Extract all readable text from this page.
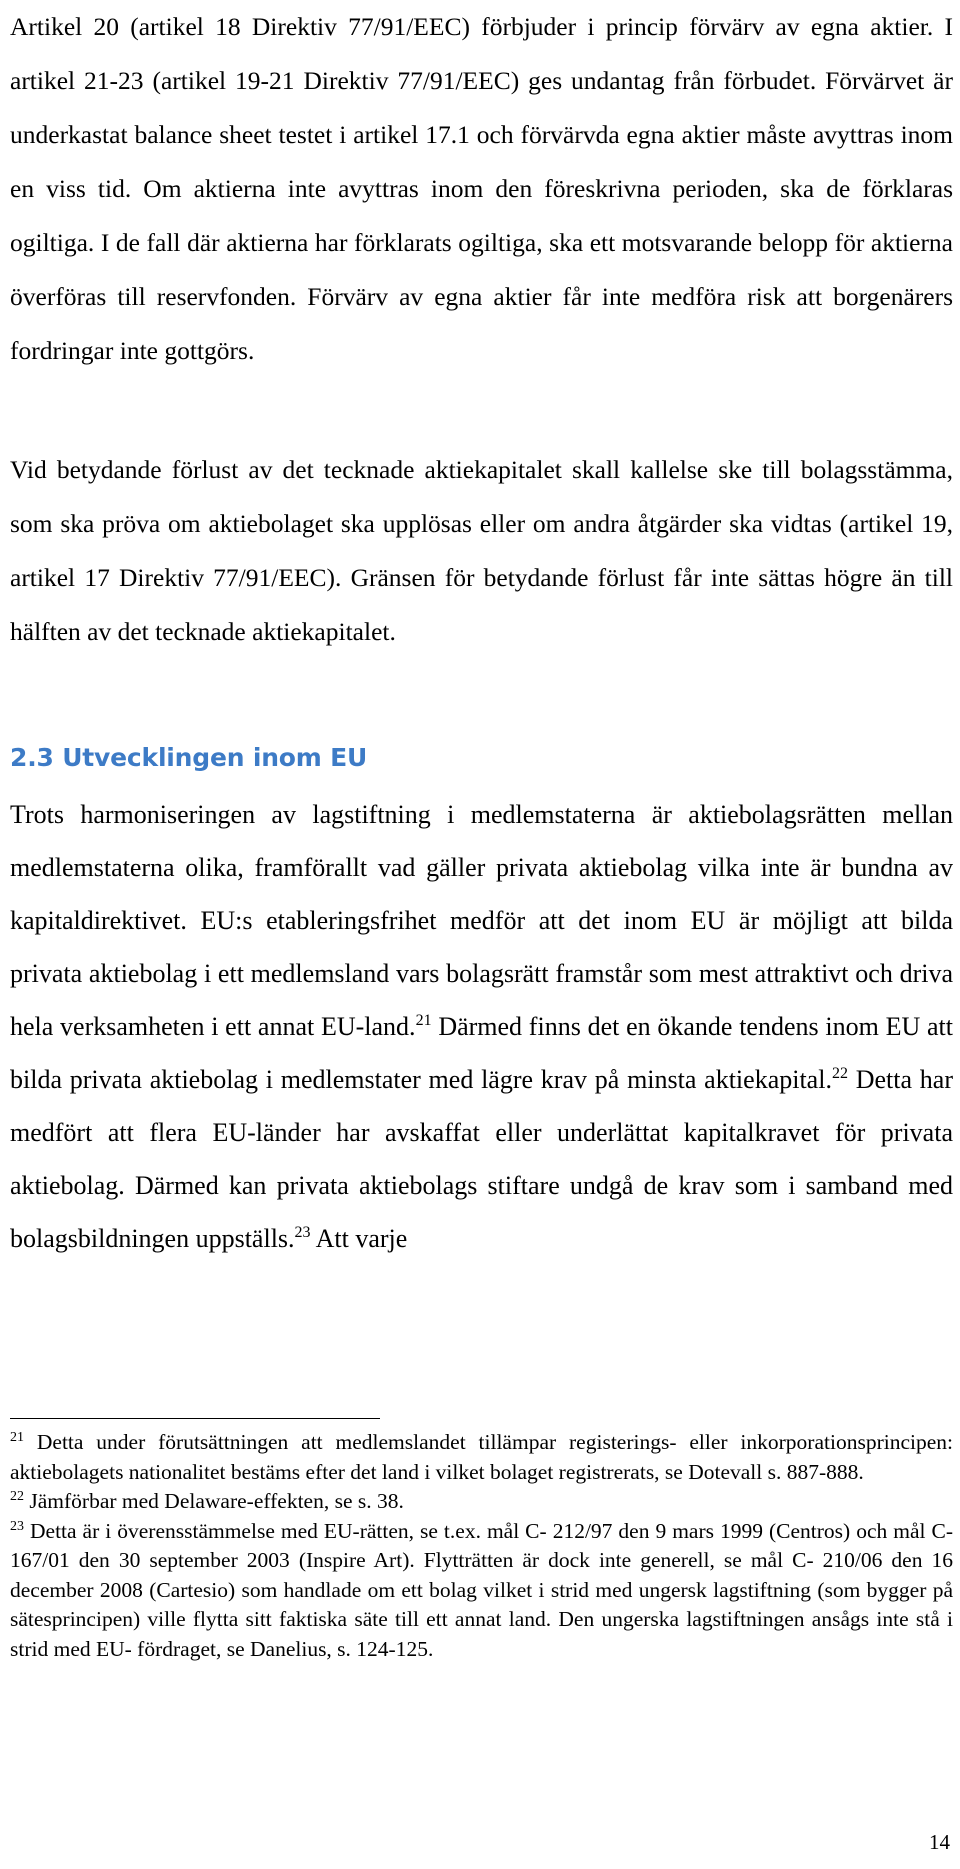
Artikel 20 (artikel 18 Direktiv 77/91/EEC) förbjuder i princip förvärv av egna aktier. I artikel 21-23 (artikel 19-21 Direktiv 77/91/EEC) ges undantag från förbudet. Förvärvet är underkastat balance sheet testet i artikel 17.1 och förvärvda egna aktier måste avyttras inom en viss tid. Om aktierna inte avyttras inom den föreskrivna perioden, ska de förklaras ogiltiga. I de fall där aktierna har förklarats ogiltiga, ska ett motsvarande belopp för aktierna överföras till reservfonden. Förvärv av egna aktier får inte medföra risk att borgenärers fordringar inte gottgörs.

Vid betydande förlust av det tecknade aktiekapitalet skall kallelse ske till bolagsstämma, som ska pröva om aktiebolaget ska upplösas eller om andra åtgärder ska vidtas (artikel 19, artikel 17 Direktiv 77/91/EEC). Gränsen för betydande förlust får inte sättas högre än till hälften av det tecknade aktiekapitalet.

2.3 Utvecklingen inom EU

Trots harmoniseringen av lagstiftning i medlemstaterna är aktiebolagsrätten mellan medlemstaterna olika, framförallt vad gäller privata aktiebolag vilka inte är bundna av kapitaldirektivet. EU:s etableringsfrihet medför att det inom EU är möjligt att bilda privata aktiebolag i ett medlemsland vars bolagsrätt framstår som mest attraktivt och driva hela verksamheten i ett annat EU-land.$^{21}$ Därmed finns det en ökande tendens inom EU att bilda privata aktiebolag i medlemstater med lägre krav på minsta aktiekapital.$^{22}$ Detta har medfört att flera EU-länder har avskaffat eller underlättat kapitalkravet för privata aktiebolag. Därmed kan privata aktiebolags stiftare undgå de krav som i samband med bolagsbildningen uppställs.$^{23}$ Att varje

$^{21}$ Detta under förutsättningen att medlemslandet tillämpar registerings- eller inkorporationsprincipen: aktiebolagets nationalitet bestäms efter det land i vilket bolaget registrerats, se Dotevall s. 887-888.

$^{22}$ Jämförbar med Delaware-effekten, se s. 38.

$^{23}$ Detta är i överensstämmelse med EU-rätten, se t.ex. mål C- 212/97 den 9 mars 1999 (Centros) och mål C- 167/01 den 30 september 2003 (Inspire Art). Flytträtten är dock inte generell, se mål C- 210/06 den 16 december 2008 (Cartesio) som handlade om ett bolag vilket i strid med ungersk lagstiftning (som bygger på sätesprincipen) ville flytta sitt faktiska säte till ett annat land. Den ungerska lagstiftningen ansågs inte stå i strid med EU- fördraget, se Danelius, s. 124-125.

14
